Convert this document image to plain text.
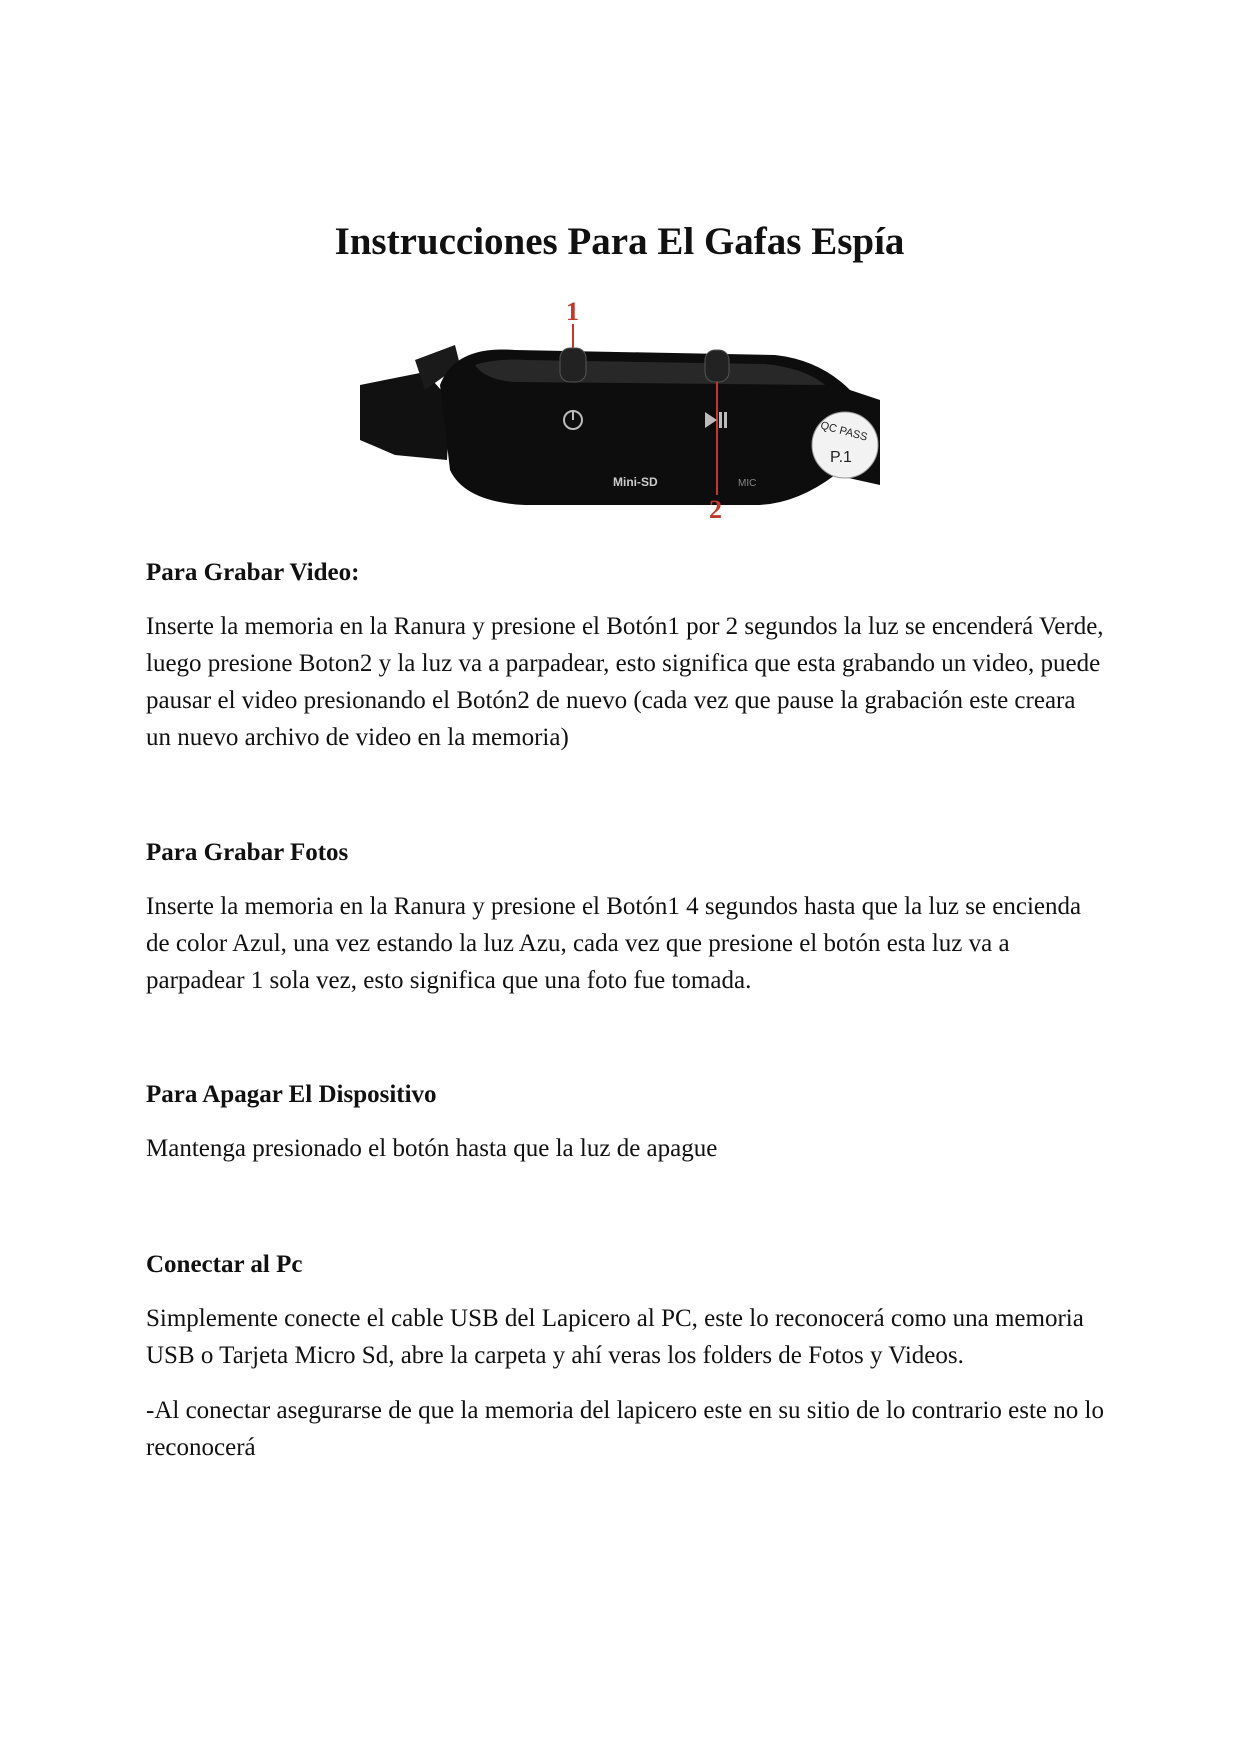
Instrucciones Para El Gafas Espía
1
2
Mini-SD	MIC
QC PASS
P.1
Para Grabar Video:

Inserte la memoria en la Ranura y presione el Botón1 por 2 segundos la luz se encenderá Verde, luego presione Boton2 y la luz va a parpadear, esto significa que esta grabando un video, puede pausar el video presionando el Botón2 de nuevo (cada vez que pause la grabación este creara un nuevo archivo de video en la memoria)

Para Grabar Fotos

Inserte la memoria en la Ranura y presione el Botón1 4 segundos hasta que la luz se encienda de color Azul, una vez estando la luz Azu, cada vez que presione el botón esta luz va a parpadear 1 sola vez, esto significa que una foto fue tomada.

Para Apagar El Dispositivo

Mantenga presionado el botón hasta que la luz de apague

Conectar al Pc

Simplemente conecte el cable USB del Lapicero al PC, este lo reconocerá como una memoria USB o Tarjeta Micro Sd, abre la carpeta y ahí veras los folders de Fotos y Videos.

-Al conectar asegurarse de que la memoria del lapicero este en su sitio de lo contrario este no lo reconocerá
